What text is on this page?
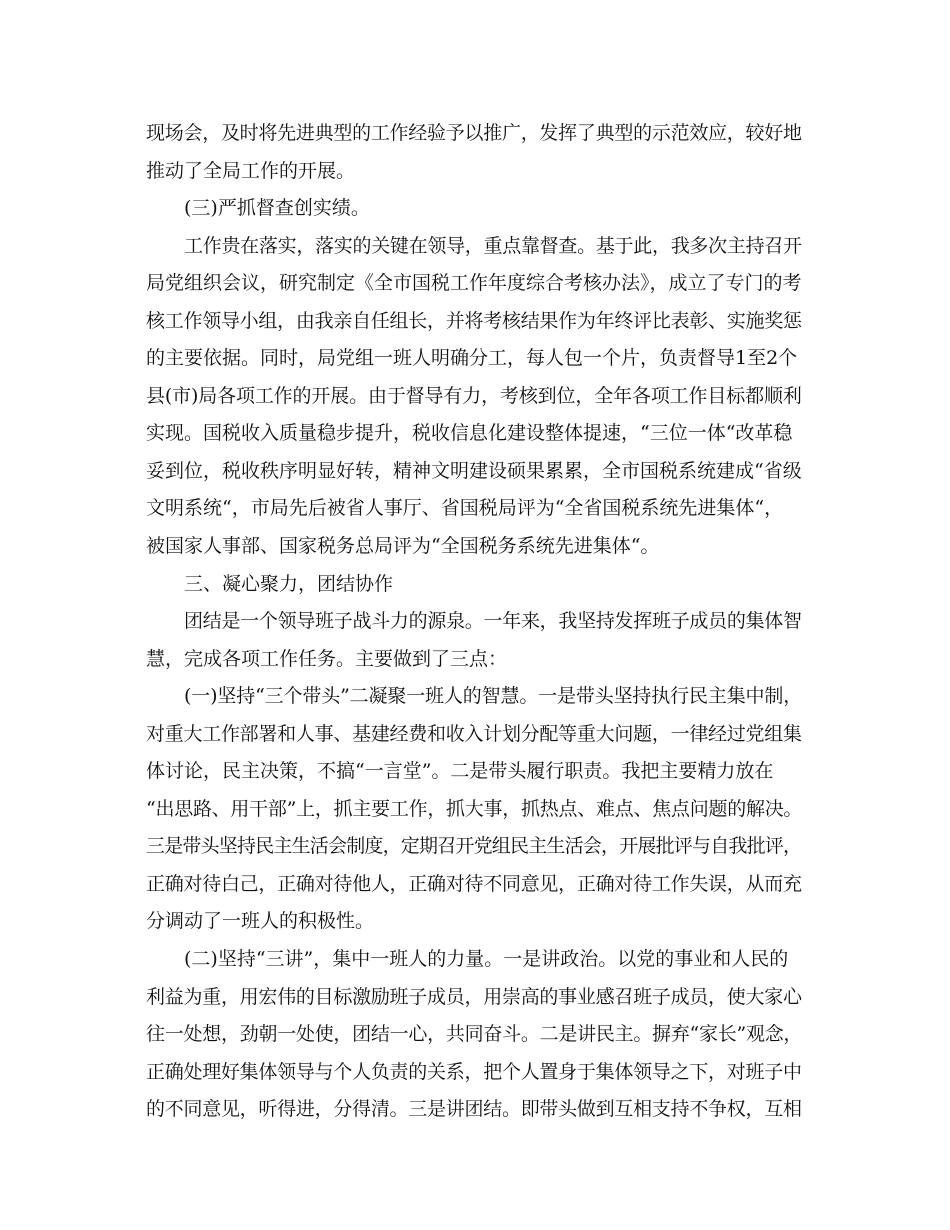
现场会，及时将先进典型的工作经验予以推广，发挥了典型的示范效应，较好地
推动了全局工作的开展。
(三)严抓督查创实绩。
工作贵在落实，落实的关键在领导，重点靠督查。基于此，我多次主持召开
局党组织会议，研究制定《全市国税工作年度综合考核办法》，成立了专门的考
核工作领导小组，由我亲自任组长，并将考核结果作为年终评比表彰、实施奖惩
的主要依据。同时，局党组一班人明确分工，每人包一个片，负责督导1至2个
县(市)局各项工作的开展。由于督导有力，考核到位，全年各项工作目标都顺利
实现。国税收入质量稳步提升，税收信息化建设整体提速，“三位一体“改革稳
妥到位，税收秩序明显好转，精神文明建设硕果累累，全市国税系统建成“省级
文明系统“，市局先后被省人事厅、省国税局评为“全省国税系统先进集体“，
被国家人事部、国家税务总局评为“全国税务系统先进集体“。
三、凝心聚力，团结协作
团结是一个领导班子战斗力的源泉。一年来，我坚持发挥班子成员的集体智
慧，完成各项工作任务。主要做到了三点：
(一)坚持“三个带头”二凝聚一班人的智慧。一是带头坚持执行民主集中制，
对重大工作部署和人事、基建经费和收入计划分配等重大问题，一律经过党组集
体讨论，民主决策，不搞“一言堂”。二是带头履行职责。我把主要精力放在
“出思路、用干部”上，抓主要工作，抓大事，抓热点、难点、焦点问题的解决。
三是带头坚持民主生活会制度，定期召开党组民主生活会，开展批评与自我批评，
正确对待白己，正确对待他人，正确对待不同意见，正确对待工作失误，从而充
分调动了一班人的积极性。
(二)坚持“三讲”，集中一班人的力量。一是讲政治。以党的事业和人民的
利益为重，用宏伟的目标激励班子成员，用崇高的事业感召班子成员，使大家心
往一处想，劲朝一处使，团结一心，共同奋斗。二是讲民主。摒弃“家长”观念，
正确处理好集体领导与个人负责的关系，把个人置身于集体领导之下，对班子中
的不同意见，听得进，分得清。三是讲团结。即带头做到互相支持不争权，互相
